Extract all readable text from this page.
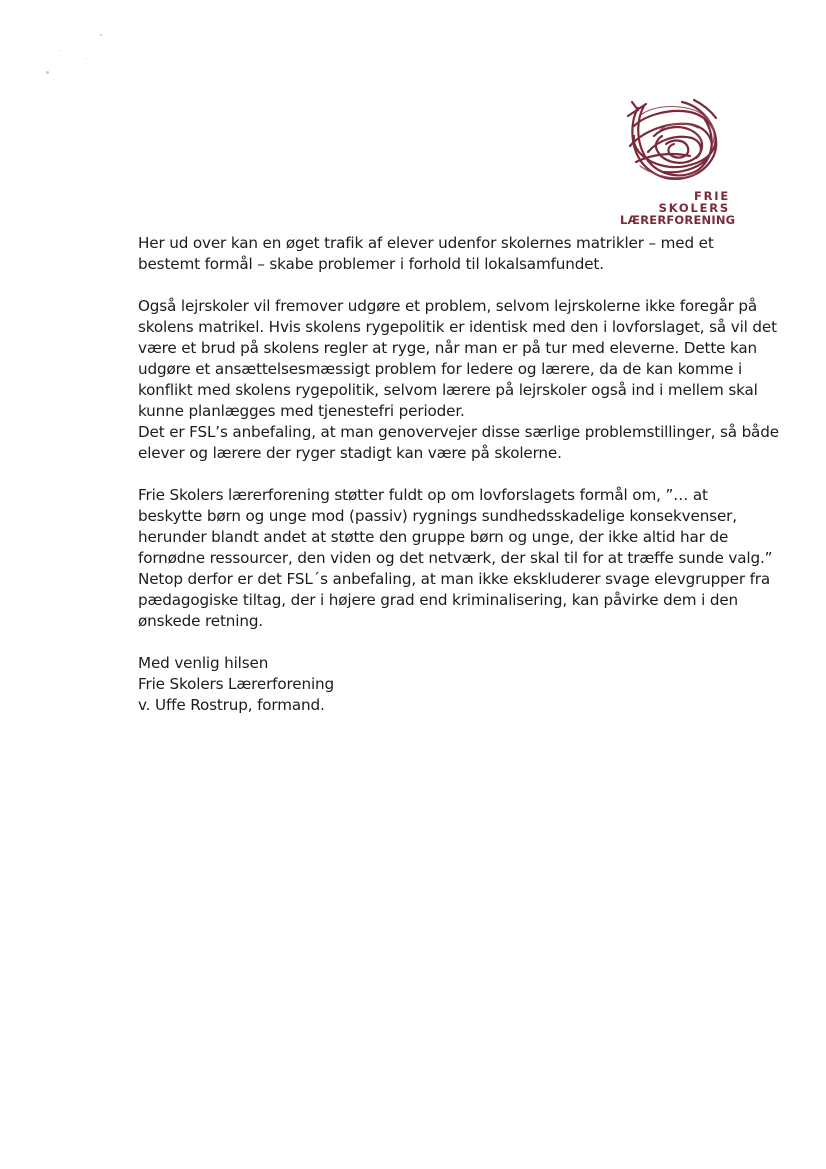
FRIE SKOLERS
LÆRERFORENING

Her ud over kan en øget trafik af elever udenfor skolernes matrikler – med et
bestemt formål – skabe problemer i forhold til lokalsamfundet.

Også lejrskoler vil fremover udgøre et problem, selvom lejrskolerne ikke foregår på
skolens matrikel. Hvis skolens rygepolitik er identisk med den i lovforslaget, så vil det
være et brud på skolens regler at ryge, når man er på tur med eleverne. Dette kan
udgøre et ansættelsesmæssigt problem for ledere og lærere, da de kan komme i
konflikt med skolens rygepolitik, selvom lærere på lejrskoler også ind i mellem skal
kunne planlægges med tjenestefri perioder.

Det er FSL’s anbefaling, at man genovervejer disse særlige problemstillinger, så både
elever og lærere der ryger stadigt kan være på skolerne.

Frie Skolers lærerforening støtter fuldt op om lovforslagets formål om, ”… at
beskytte børn og unge mod (passiv) rygnings sundhedsskadelige konsekvenser,
herunder blandt andet at støtte den gruppe børn og unge, der ikke altid har de
fornødne ressourcer, den viden og det netværk, der skal til for at træffe sunde valg.”
Netop derfor er det FSL´s anbefaling, at man ikke ekskluderer svage elevgrupper fra
pædagogiske tiltag, der i højere grad end kriminalisering, kan påvirke dem i den
ønskede retning.

Med venlig hilsen
Frie Skolers Lærerforening
v. Uffe Rostrup, formand.
